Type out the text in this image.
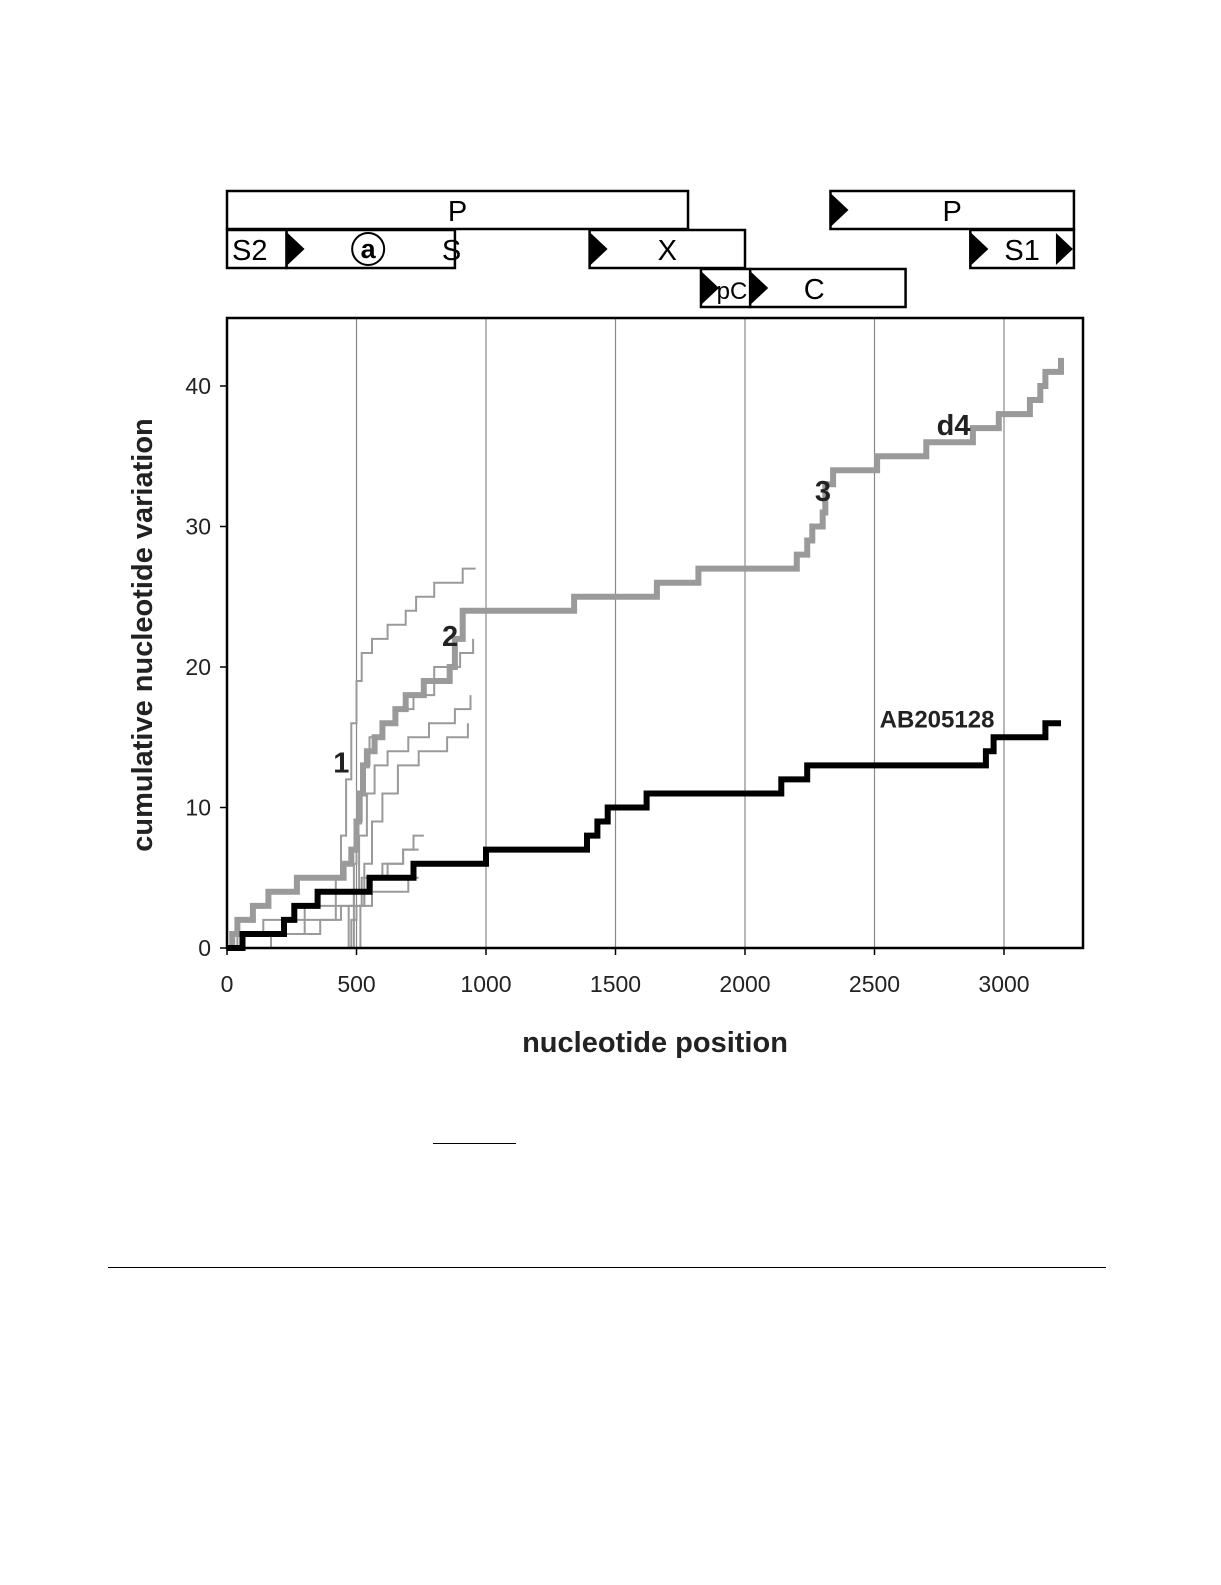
P	P
S2	S	X	S1
pC C
a
0	500	1000	1500	2000	2500	3000
0
10
20
30
40
1
2
3
d4
AB205128
nucleotide position
cumulative nucleotide variation
